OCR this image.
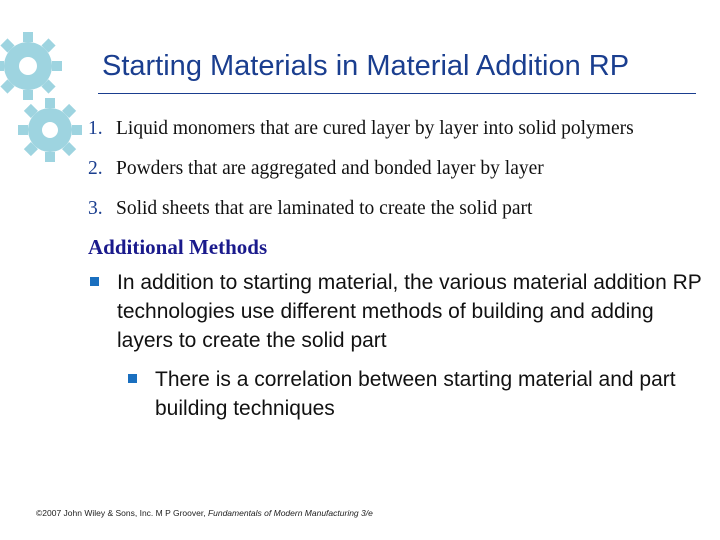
Starting Materials in Material Addition RP
1. Liquid monomers that are cured layer by layer into solid polymers
2. Powders that are aggregated and bonded layer by layer
3. Solid sheets that are laminated to create the solid part
Additional Methods
In addition to starting material, the various material addition RP technologies use different methods of building and adding layers to create the solid part
There is a correlation between starting material and part building techniques
©2007 John Wiley & Sons, Inc. M P Groover, Fundamentals of Modern Manufacturing 3/e
